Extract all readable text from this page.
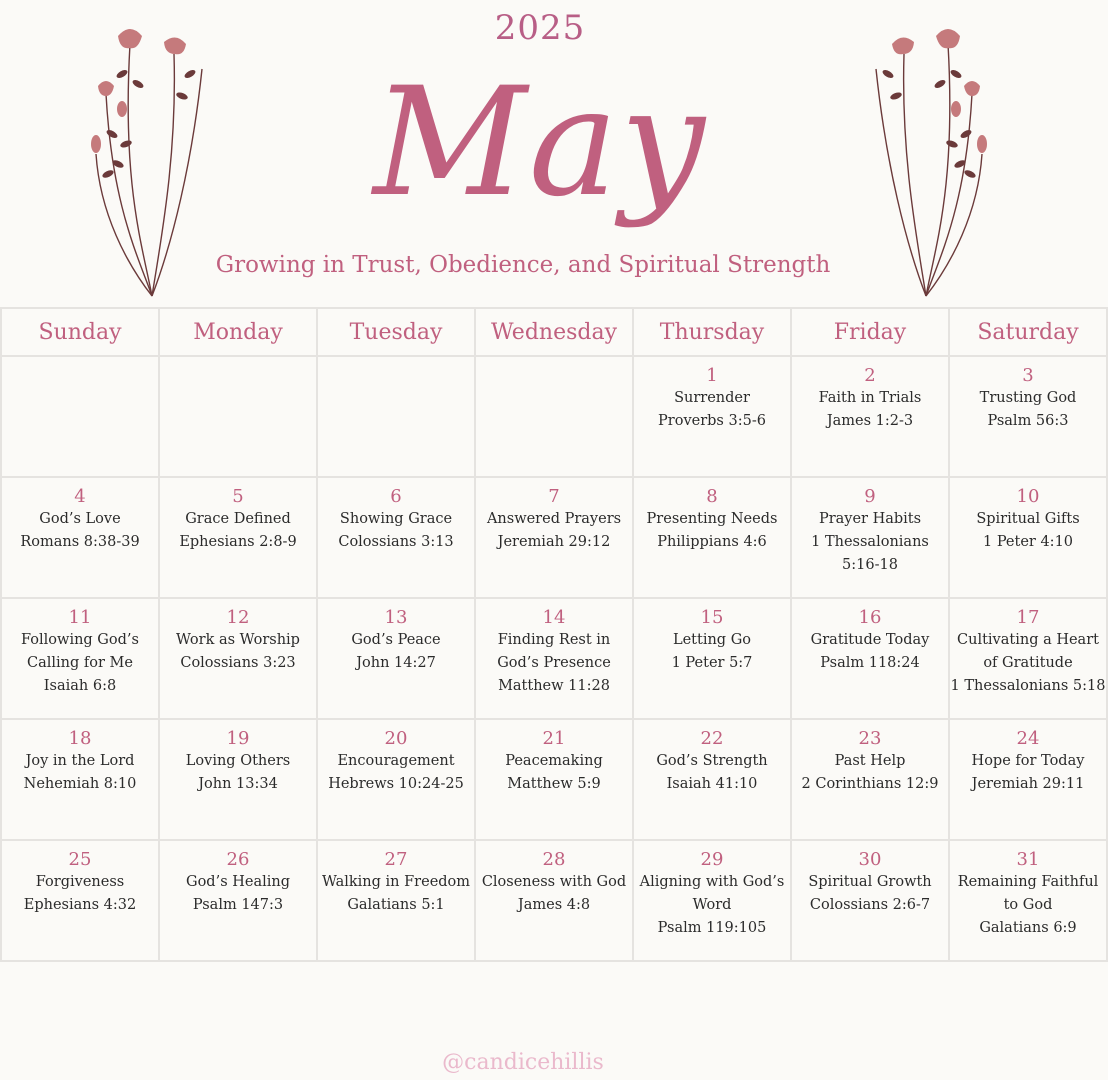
2025
May
Growing in Trust, Obedience, and Spiritual Strength
Sunday	Monday	Tuesday	Wednesday	Thursday	Friday	Saturday

				1
Surrender
Proverbs 3:5-6	2
Faith in Trials
James 1:2-3	3
Trusting God
Psalm 56:3

4
God’s Love
Romans 8:38-39	5
Grace Defined
Ephesians 2:8-9	6
Showing Grace
Colossians 3:13	7
Answered Prayers
Jeremiah 29:12	8
Presenting Needs
Philippians 4:6	9
Prayer Habits
1 Thessalonians
5:16-18	10
Spiritual Gifts
1 Peter 4:10

11
Following God’s
Calling for Me
Isaiah 6:8	12
Work as Worship
Colossians 3:23	13
God’s Peace
John 14:27	14
Finding Rest in
God’s Presence
Matthew 11:28	15
Letting Go
1 Peter 5:7	16
Gratitude Today
Psalm 118:24	17
Cultivating a Heart
of Gratitude
1 Thessalonians 5:18

18
Joy in the Lord
Nehemiah 8:10	19
Loving Others
John 13:34	20
Encouragement
Hebrews 10:24-25	21
Peacemaking
Matthew 5:9	22
God’s Strength
Isaiah 41:10	23
Past Help
2 Corinthians 12:9	24
Hope for Today
Jeremiah 29:11

25
Forgiveness
Ephesians 4:32	26
God’s Healing
Psalm 147:3	27
Walking in Freedom
Galatians 5:1	28
Closeness with God
James 4:8	29
Aligning with God’s
Word
Psalm 119:105	30
Spiritual Growth
Colossians 2:6-7	31
Remaining Faithful
to God
Galatians 6:9
@candicehillis
